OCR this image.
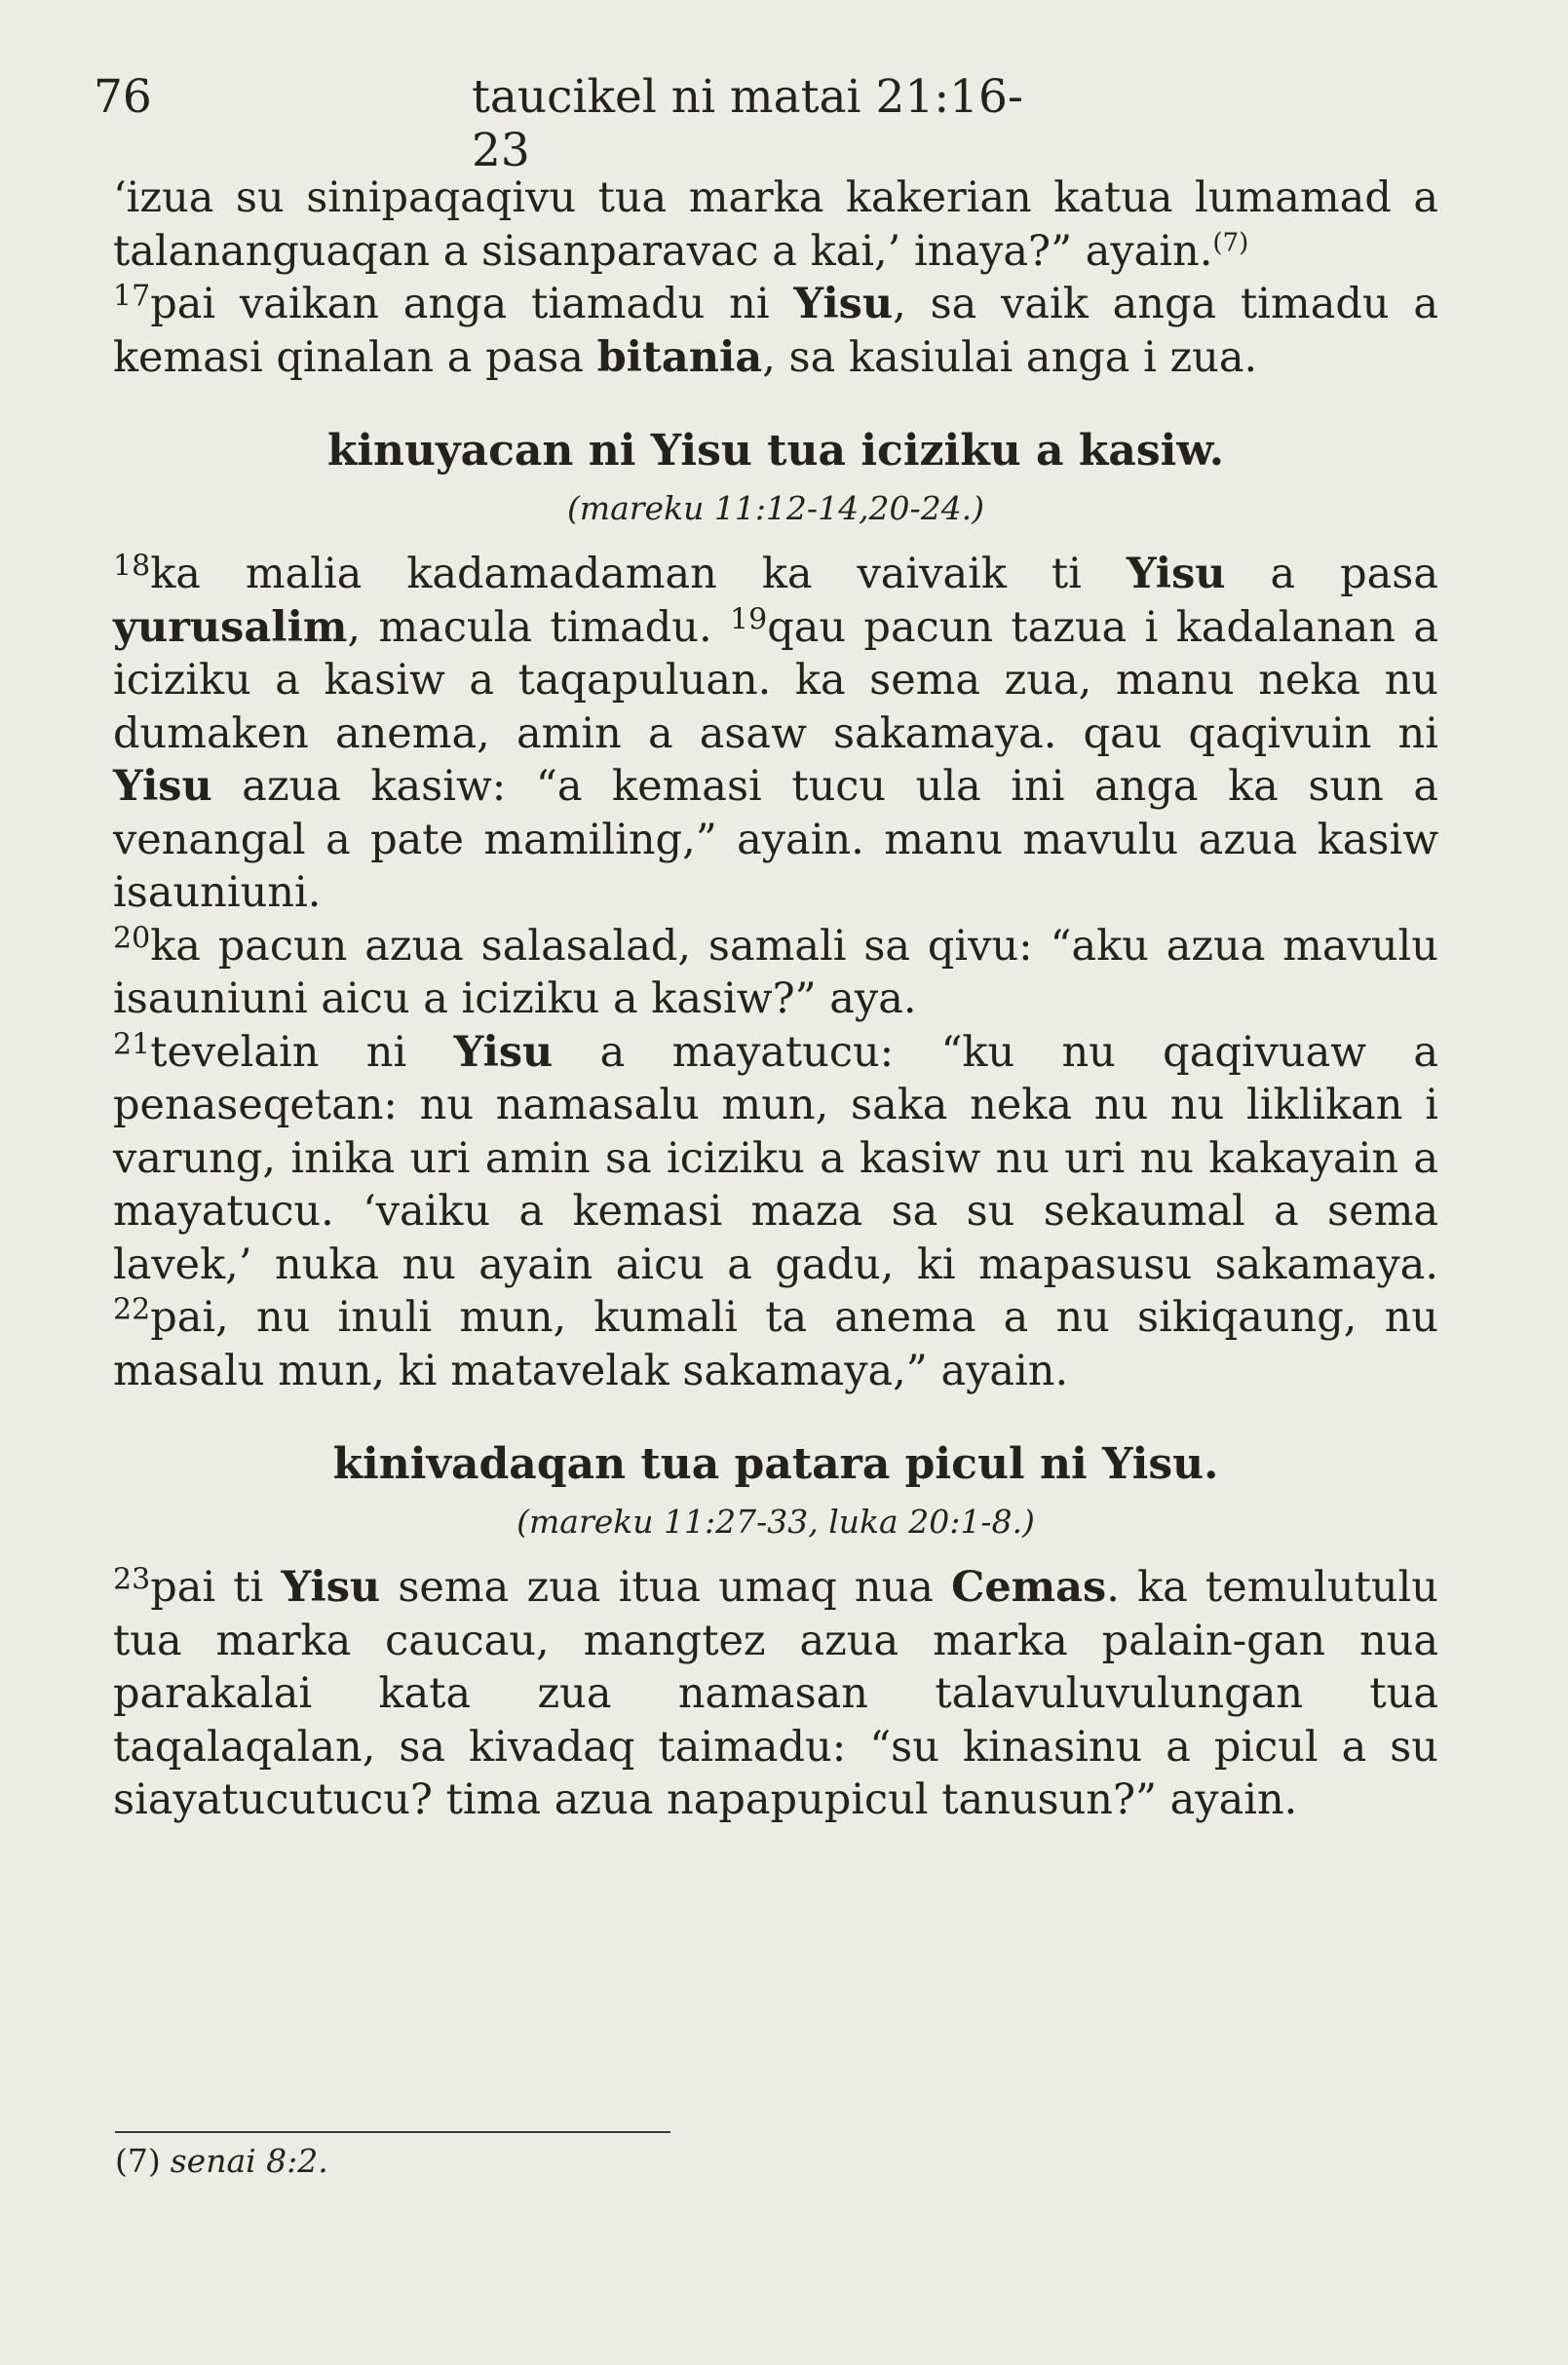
76	taucikel ni matai 21:16-23

‘izua su sinipaqaqivu tua marka kakerian katua lumamad a talananguaqan a sisanparavac a kai,’ inaya?” ayain.$^{(7)}$

$^{17}$pai vaikan anga tiamadu ni Yisu, sa vaik anga timadu a kemasi qinalan a pasa bitania, sa kasiulai anga i zua.

kinuyacan ni Yisu tua iciziku a kasiw.
(mareku 11:12-14,20-24.)

$^{18}$ka malia kadamadaman ka vaivaik ti Yisu a pasa yurusalim, macula timadu. $^{19}$qau pacun tazua i kadalanan a iciziku a kasiw a taqapuluan. ka sema zua, manu neka nu dumaken anema, amin a asaw sakamaya. qau qaqivuin ni Yisu azua kasiw: “a kemasi tucu ula ini anga ka sun a venangal a pate mamiling,” ayain. manu mavulu azua kasiw isauniuni.

$^{20}$ka pacun azua salasalad, samali sa qivu: “aku azua mavulu isauniuni aicu a iciziku a kasiw?” aya.

$^{21}$tevelain ni Yisu a mayatucu: “ku nu qaqivuaw a penaseqetan: nu namasalu mun, saka neka nu nu liklikan i varung, inika uri amin sa iciziku a kasiw nu uri nu kakayain a mayatucu. ‘vaiku a kemasi maza sa su sekaumal a sema lavek,’ nuka nu ayain aicu a gadu, ki mapasusu sakamaya. $^{22}$pai, nu inuli mun, kumali ta anema a nu sikiqaung, nu masalu mun, ki matavelak sakamaya,” ayain.

kinivadaqan tua patara picul ni Yisu.
(mareku 11:27-33, luka 20:1-8.)

$^{23}$pai ti Yisu sema zua itua umaq nua Cemas. ka temulutulu tua marka caucau, mangtez azua marka palain-gan nua parakalai kata zua namasan talavuluvulungan tua taqalaqalan, sa kivadaq taimadu: “su kinasinu a picul a su siayatucutucu? tima azua napapupicul tanusun?” ayain.

(7) senai 8:2.
